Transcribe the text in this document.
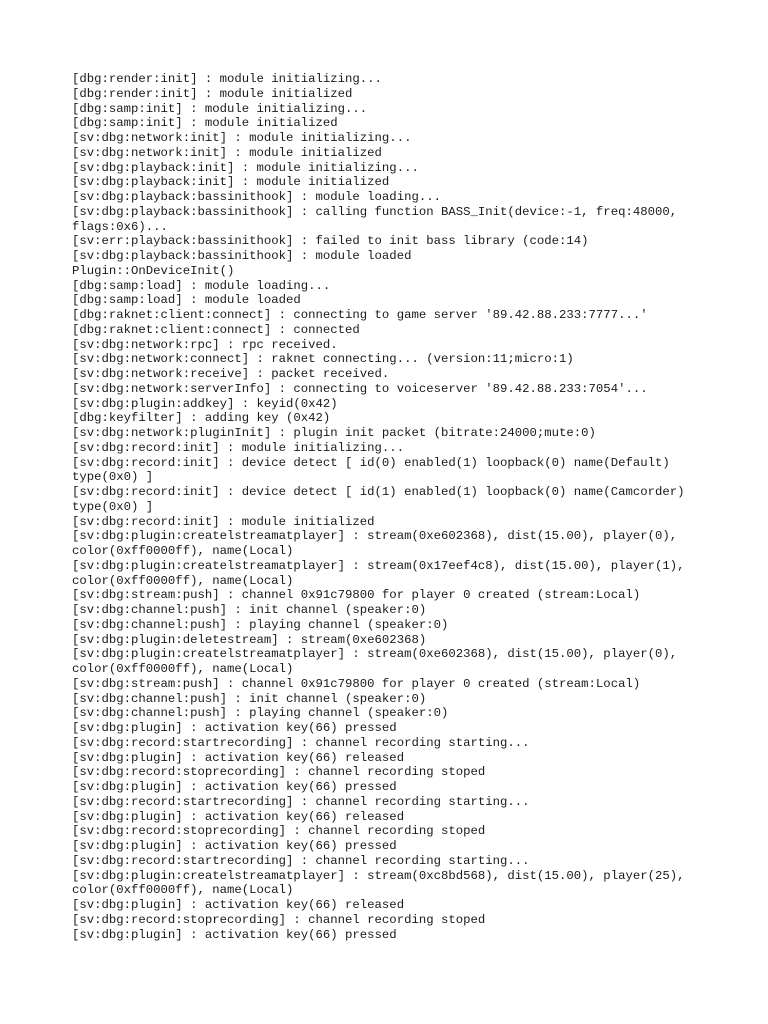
[dbg:render:init] : module initializing...
[dbg:render:init] : module initialized
[dbg:samp:init] : module initializing...
[dbg:samp:init] : module initialized
[sv:dbg:network:init] : module initializing...
[sv:dbg:network:init] : module initialized
[sv:dbg:playback:init] : module initializing...
[sv:dbg:playback:init] : module initialized
[sv:dbg:playback:bassinithook] : module loading...
[sv:dbg:playback:bassinithook] : calling function BASS_Init(device:-1, freq:48000,
flags:0x6)...
[sv:err:playback:bassinithook] : failed to init bass library (code:14)
[sv:dbg:playback:bassinithook] : module loaded
Plugin::OnDeviceInit()
[dbg:samp:load] : module loading...
[dbg:samp:load] : module loaded
[dbg:raknet:client:connect] : connecting to game server '89.42.88.233:7777...'
[dbg:raknet:client:connect] : connected
[sv:dbg:network:rpc] : rpc received.
[sv:dbg:network:connect] : raknet connecting... (version:11;micro:1)
[sv:dbg:network:receive] : packet received.
[sv:dbg:network:serverInfo] : connecting to voiceserver '89.42.88.233:7054'...
[sv:dbg:plugin:addkey] : keyid(0x42)
[dbg:keyfilter] : adding key (0x42)
[sv:dbg:network:pluginInit] : plugin init packet (bitrate:24000;mute:0)
[sv:dbg:record:init] : module initializing...
[sv:dbg:record:init] : device detect [ id(0) enabled(1) loopback(0) name(Default)
type(0x0) ]
[sv:dbg:record:init] : device detect [ id(1) enabled(1) loopback(0) name(Camcorder)
type(0x0) ]
[sv:dbg:record:init] : module initialized
[sv:dbg:plugin:createlstreamatplayer] : stream(0xe602368), dist(15.00), player(0),
color(0xff0000ff), name(Local)
[sv:dbg:plugin:createlstreamatplayer] : stream(0x17eef4c8), dist(15.00), player(1),
color(0xff0000ff), name(Local)
[sv:dbg:stream:push] : channel 0x91c79800 for player 0 created (stream:Local)
[sv:dbg:channel:push] : init channel (speaker:0)
[sv:dbg:channel:push] : playing channel (speaker:0)
[sv:dbg:plugin:deletestream] : stream(0xe602368)
[sv:dbg:plugin:createlstreamatplayer] : stream(0xe602368), dist(15.00), player(0),
color(0xff0000ff), name(Local)
[sv:dbg:stream:push] : channel 0x91c79800 for player 0 created (stream:Local)
[sv:dbg:channel:push] : init channel (speaker:0)
[sv:dbg:channel:push] : playing channel (speaker:0)
[sv:dbg:plugin] : activation key(66) pressed
[sv:dbg:record:startrecording] : channel recording starting...
[sv:dbg:plugin] : activation key(66) released
[sv:dbg:record:stoprecording] : channel recording stoped
[sv:dbg:plugin] : activation key(66) pressed
[sv:dbg:record:startrecording] : channel recording starting...
[sv:dbg:plugin] : activation key(66) released
[sv:dbg:record:stoprecording] : channel recording stoped
[sv:dbg:plugin] : activation key(66) pressed
[sv:dbg:record:startrecording] : channel recording starting...
[sv:dbg:plugin:createlstreamatplayer] : stream(0xc8bd568), dist(15.00), player(25),
color(0xff0000ff), name(Local)
[sv:dbg:plugin] : activation key(66) released
[sv:dbg:record:stoprecording] : channel recording stoped
[sv:dbg:plugin] : activation key(66) pressed
